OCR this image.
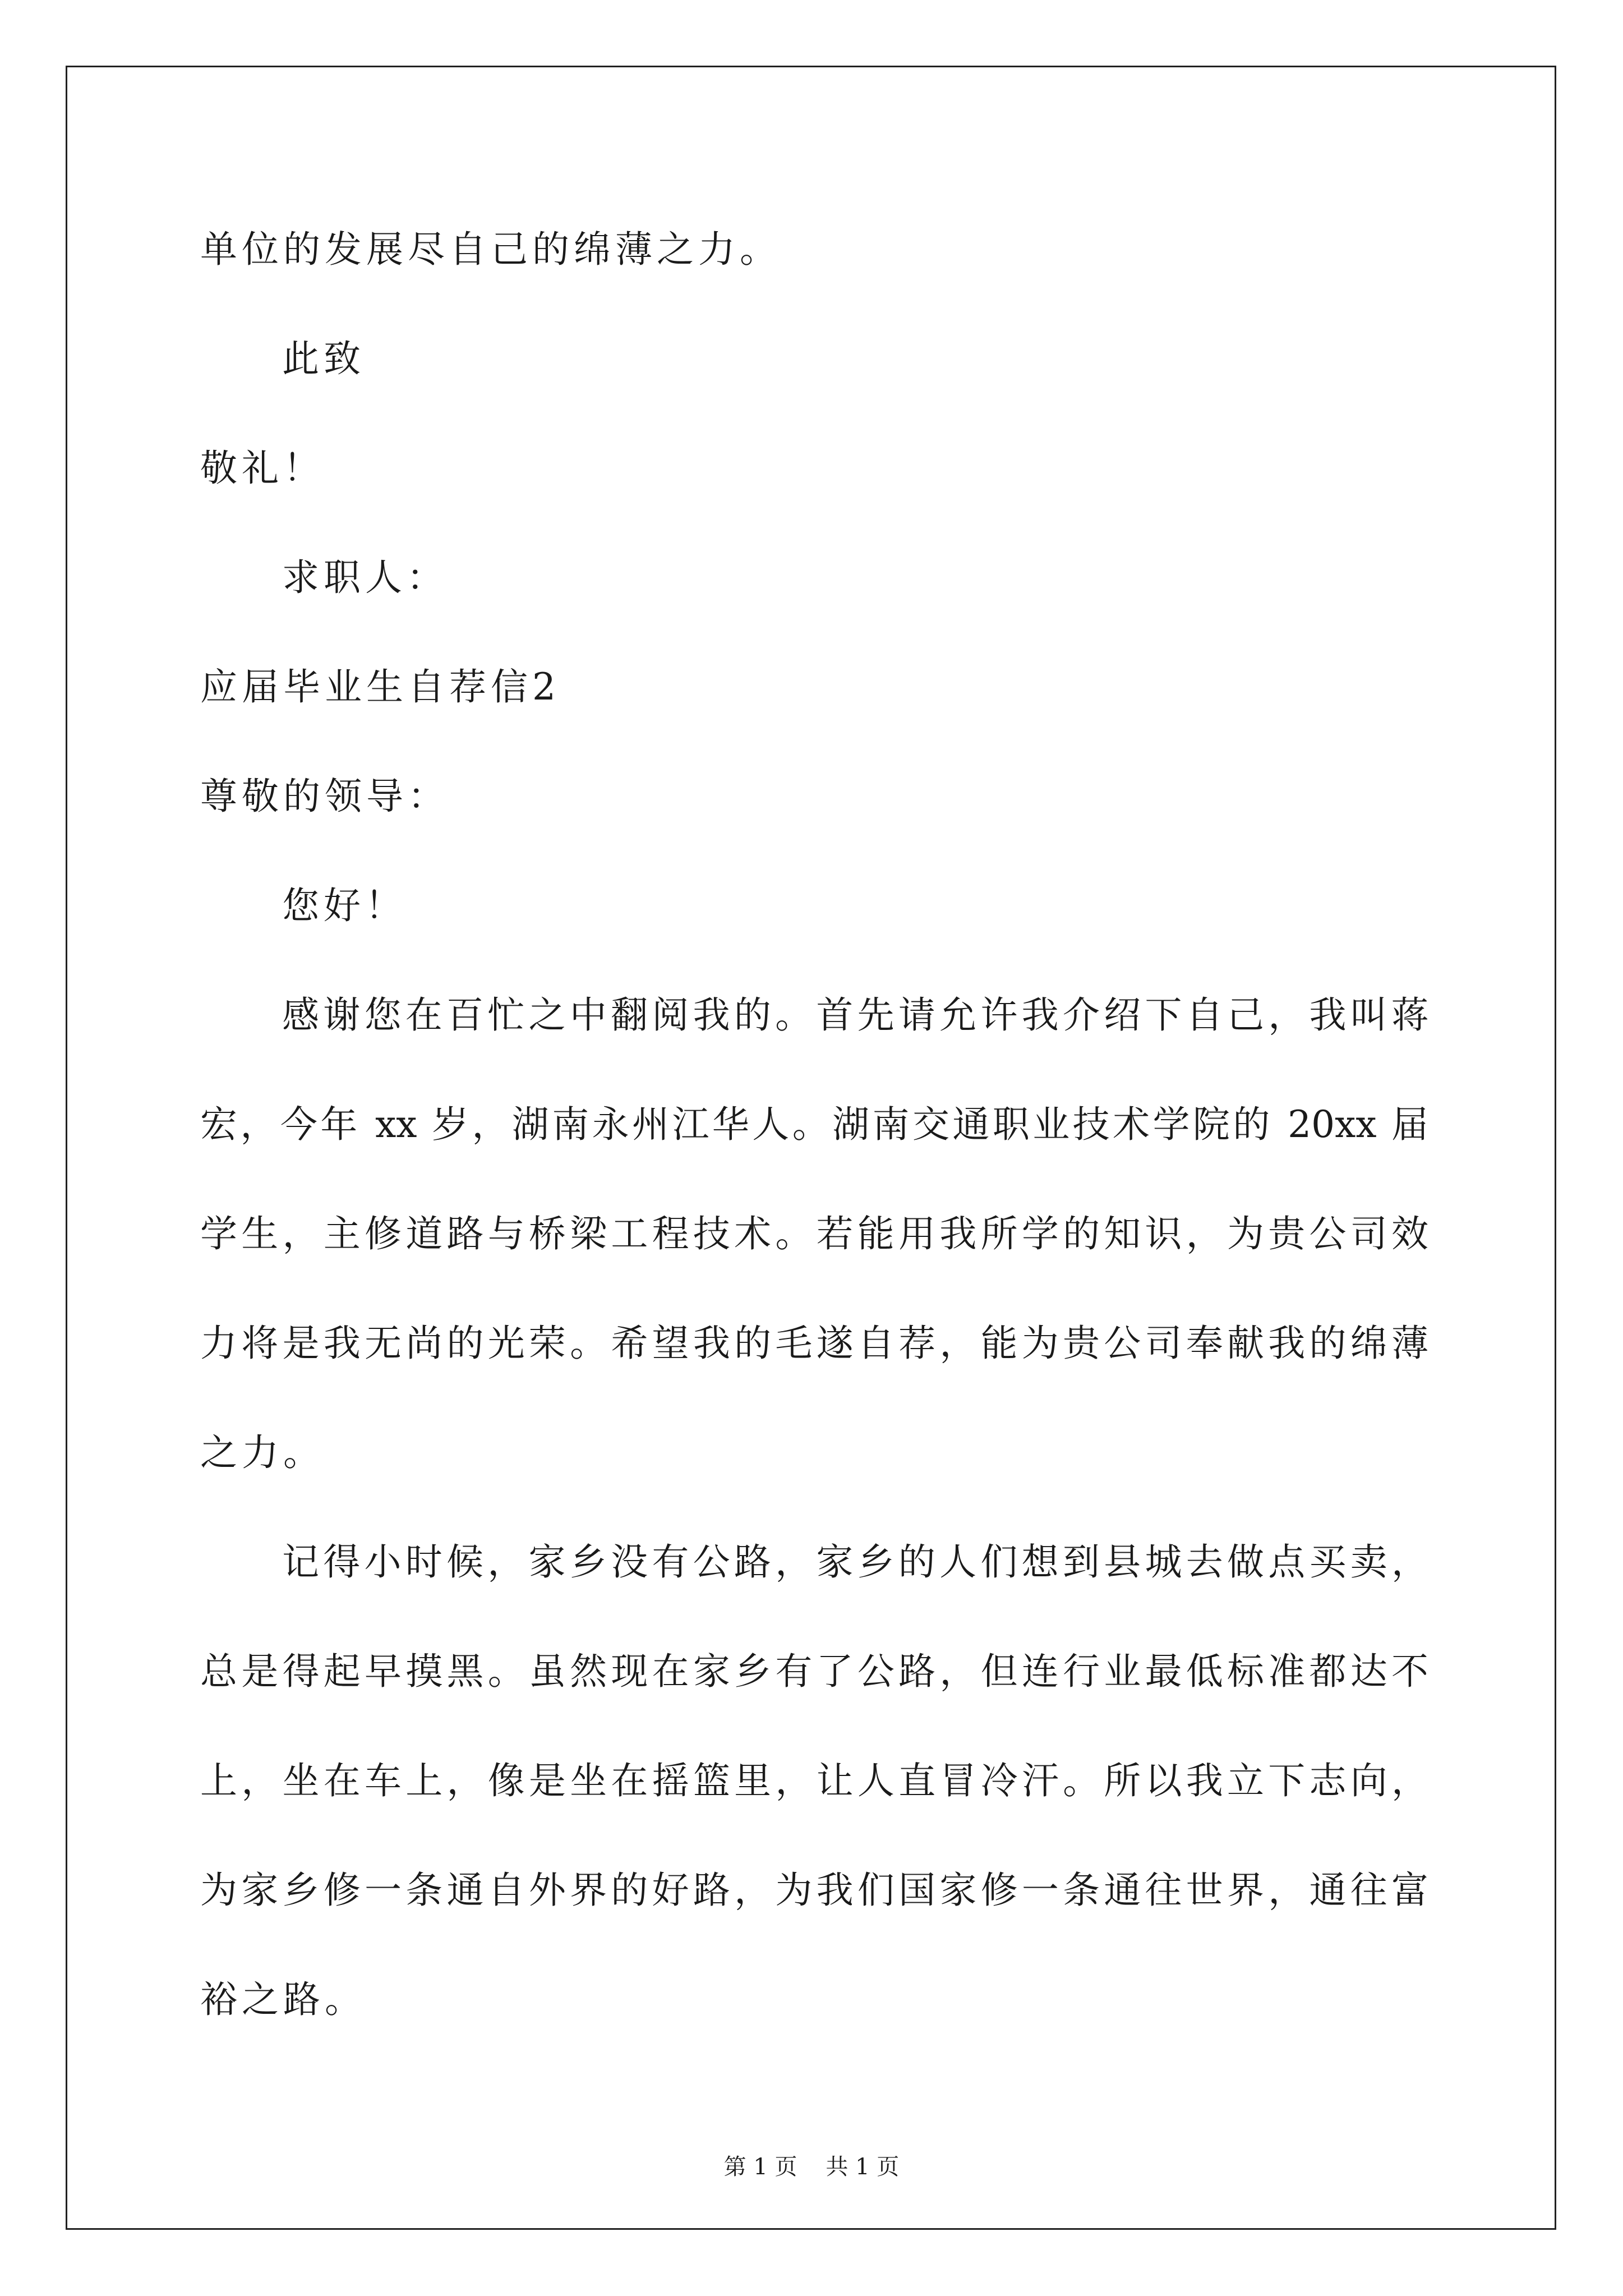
单位的发展尽自己的绵薄之力。
此致
敬礼！
求职人：
应届毕业生自荐信2
尊敬的领导：
您好！
感谢您在百忙之中翻阅我的。首先请允许我介绍下自己，我叫蒋
宏，今年 xx 岁，湖南永州江华人。湖南交通职业技术学院的 20xx 届
学生，主修道路与桥梁工程技术。若能用我所学的知识，为贵公司效
力将是我无尚的光荣。希望我的毛遂自荐，能为贵公司奉献我的绵薄
之力。
记得小时候，家乡没有公路，家乡的人们想到县城去做点买卖，
总是得起早摸黑。虽然现在家乡有了公路，但连行业最低标准都达不
上，坐在车上，像是坐在摇篮里，让人直冒冷汗。所以我立下志向，
为家乡修一条通自外界的好路，为我们国家修一条通往世界，通往富
裕之路。
第 1 页 共 1 页
